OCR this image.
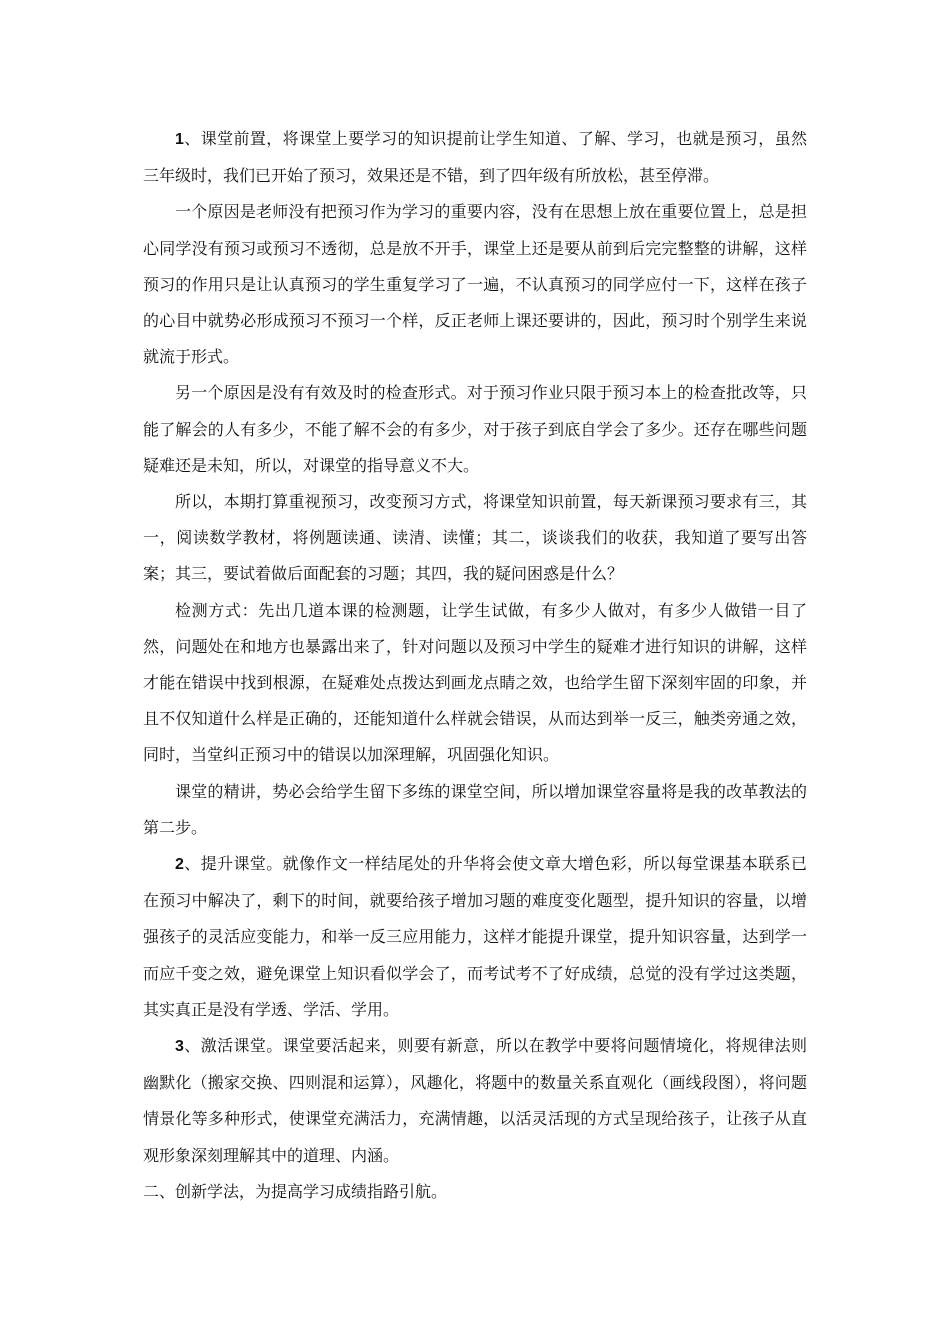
1、课堂前置，将课堂上要学习的知识提前让学生知道、了解、学习，也就是预习，虽然三年级时，我们已开始了预习，效果还是不错，到了四年级有所放松，甚至停滞。

一个原因是老师没有把预习作为学习的重要内容，没有在思想上放在重要位置上，总是担心同学没有预习或预习不透彻，总是放不开手，课堂上还是要从前到后完完整整的讲解，这样预习的作用只是让认真预习的学生重复学习了一遍，不认真预习的同学应付一下，这样在孩子的心目中就势必形成预习不预习一个样，反正老师上课还要讲的，因此，预习时个别学生来说就流于形式。

另一个原因是没有有效及时的检查形式。对于预习作业只限于预习本上的检查批改等，只能了解会的人有多少，不能了解不会的有多少，对于孩子到底自学会了多少。还存在哪些问题疑难还是未知，所以，对课堂的指导意义不大。

所以，本期打算重视预习，改变预习方式，将课堂知识前置，每天新课预习要求有三，其一，阅读数学教材，将例题读通、读清、读懂；其二，谈谈我们的收获，我知道了要写出答案；其三，要试着做后面配套的习题；其四，我的疑问困惑是什么？

检测方式：先出几道本课的检测题，让学生试做，有多少人做对，有多少人做错一目了然，问题处在和地方也暴露出来了，针对问题以及预习中学生的疑难才进行知识的讲解，这样才能在错误中找到根源，在疑难处点拨达到画龙点睛之效，也给学生留下深刻牢固的印象，并且不仅知道什么样是正确的，还能知道什么样就会错误，从而达到举一反三，触类旁通之效，同时，当堂纠正预习中的错误以加深理解，巩固强化知识。

课堂的精讲，势必会给学生留下多练的课堂空间，所以增加课堂容量将是我的改革教法的第二步。

2、提升课堂。就像作文一样结尾处的升华将会使文章大增色彩，所以每堂课基本联系已在预习中解决了，剩下的时间，就要给孩子增加习题的难度变化题型，提升知识的容量，以增强孩子的灵活应变能力，和举一反三应用能力，这样才能提升课堂，提升知识容量，达到学一而应千变之效，避免课堂上知识看似学会了，而考试考不了好成绩，总觉的没有学过这类题，其实真正是没有学透、学活、学用。

3、激活课堂。课堂要活起来，则要有新意，所以在教学中要将问题情境化，将规律法则幽默化（搬家交换、四则混和运算），风趣化，将题中的数量关系直观化（画线段图），将问题情景化等多种形式，使课堂充满活力，充满情趣，以活灵活现的方式呈现给孩子，让孩子从直观形象深刻理解其中的道理、内涵。

二、创新学法，为提高学习成绩指路引航。
